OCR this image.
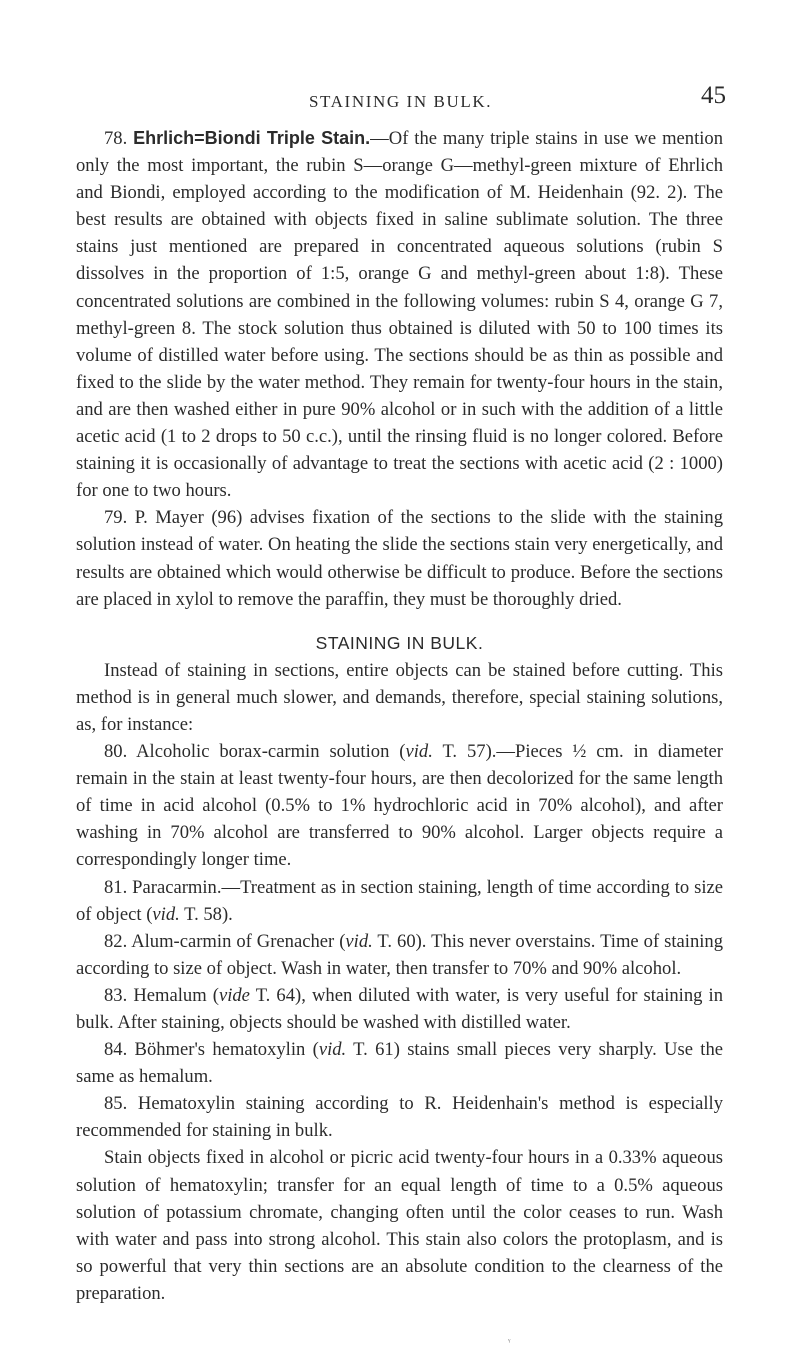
STAINING IN BULK.	45

78. Ehrlich=Biondi Triple Stain.—Of the many triple stains in use we mention only the most important, the rubin S—orange G—methyl-green mixture of Ehrlich and Biondi, employed according to the modification of M. Heidenhain (92. 2). The best results are obtained with objects fixed in saline sublimate solution. The three stains just mentioned are prepared in concentrated aqueous solutions (rubin S dissolves in the proportion of 1:5, orange G and methyl-green about 1:8). These concentrated solutions are combined in the following volumes: rubin S 4, orange G 7, methyl-green 8. The stock solution thus obtained is diluted with 50 to 100 times its volume of distilled water before using. The sections should be as thin as possible and fixed to the slide by the water method. They remain for twenty-four hours in the stain, and are then washed either in pure 90% alcohol or in such with the addition of a little acetic acid (1 to 2 drops to 50 c.c.), until the rinsing fluid is no longer colored. Before staining it is occasionally of advantage to treat the sections with acetic acid (2 : 1000) for one to two hours.

79. P. Mayer (96) advises fixation of the sections to the slide with the staining solution instead of water. On heating the slide the sections stain very energetically, and results are obtained which would otherwise be difficult to produce. Before the sections are placed in xylol to remove the paraffin, they must be thoroughly dried.

STAINING IN BULK.

Instead of staining in sections, entire objects can be stained before cutting. This method is in general much slower, and demands, therefore, special staining solutions, as, for instance:

80. Alcoholic borax-carmin solution (vid. T. 57).—Pieces ½ cm. in diameter remain in the stain at least twenty-four hours, are then decolorized for the same length of time in acid alcohol (0.5% to 1% hydrochloric acid in 70% alcohol), and after washing in 70% alcohol are transferred to 90% alcohol. Larger objects require a correspondingly longer time.

81. Paracarmin.—Treatment as in section staining, length of time according to size of object (vid. T. 58).

82. Alum-carmin of Grenacher (vid. T. 60). This never overstains. Time of staining according to size of object. Wash in water, then transfer to 70% and 90% alcohol.

83. Hemalum (vide T. 64), when diluted with water, is very useful for staining in bulk. After staining, objects should be washed with distilled water.

84. Böhmer's hematoxylin (vid. T. 61) stains small pieces very sharply. Use the same as hemalum.

85. Hematoxylin staining according to R. Heidenhain's method is especially recommended for staining in bulk.

Stain objects fixed in alcohol or picric acid twenty-four hours in a 0.33% aqueous solution of hematoxylin; transfer for an equal length of time to a 0.5% aqueous solution of potassium chromate, changing often until the color ceases to run. Wash with water and pass into strong alcohol. This stain also colors the protoplasm, and is so powerful that very thin sections are an absolute condition to the clearness of the preparation.

ᵞ
